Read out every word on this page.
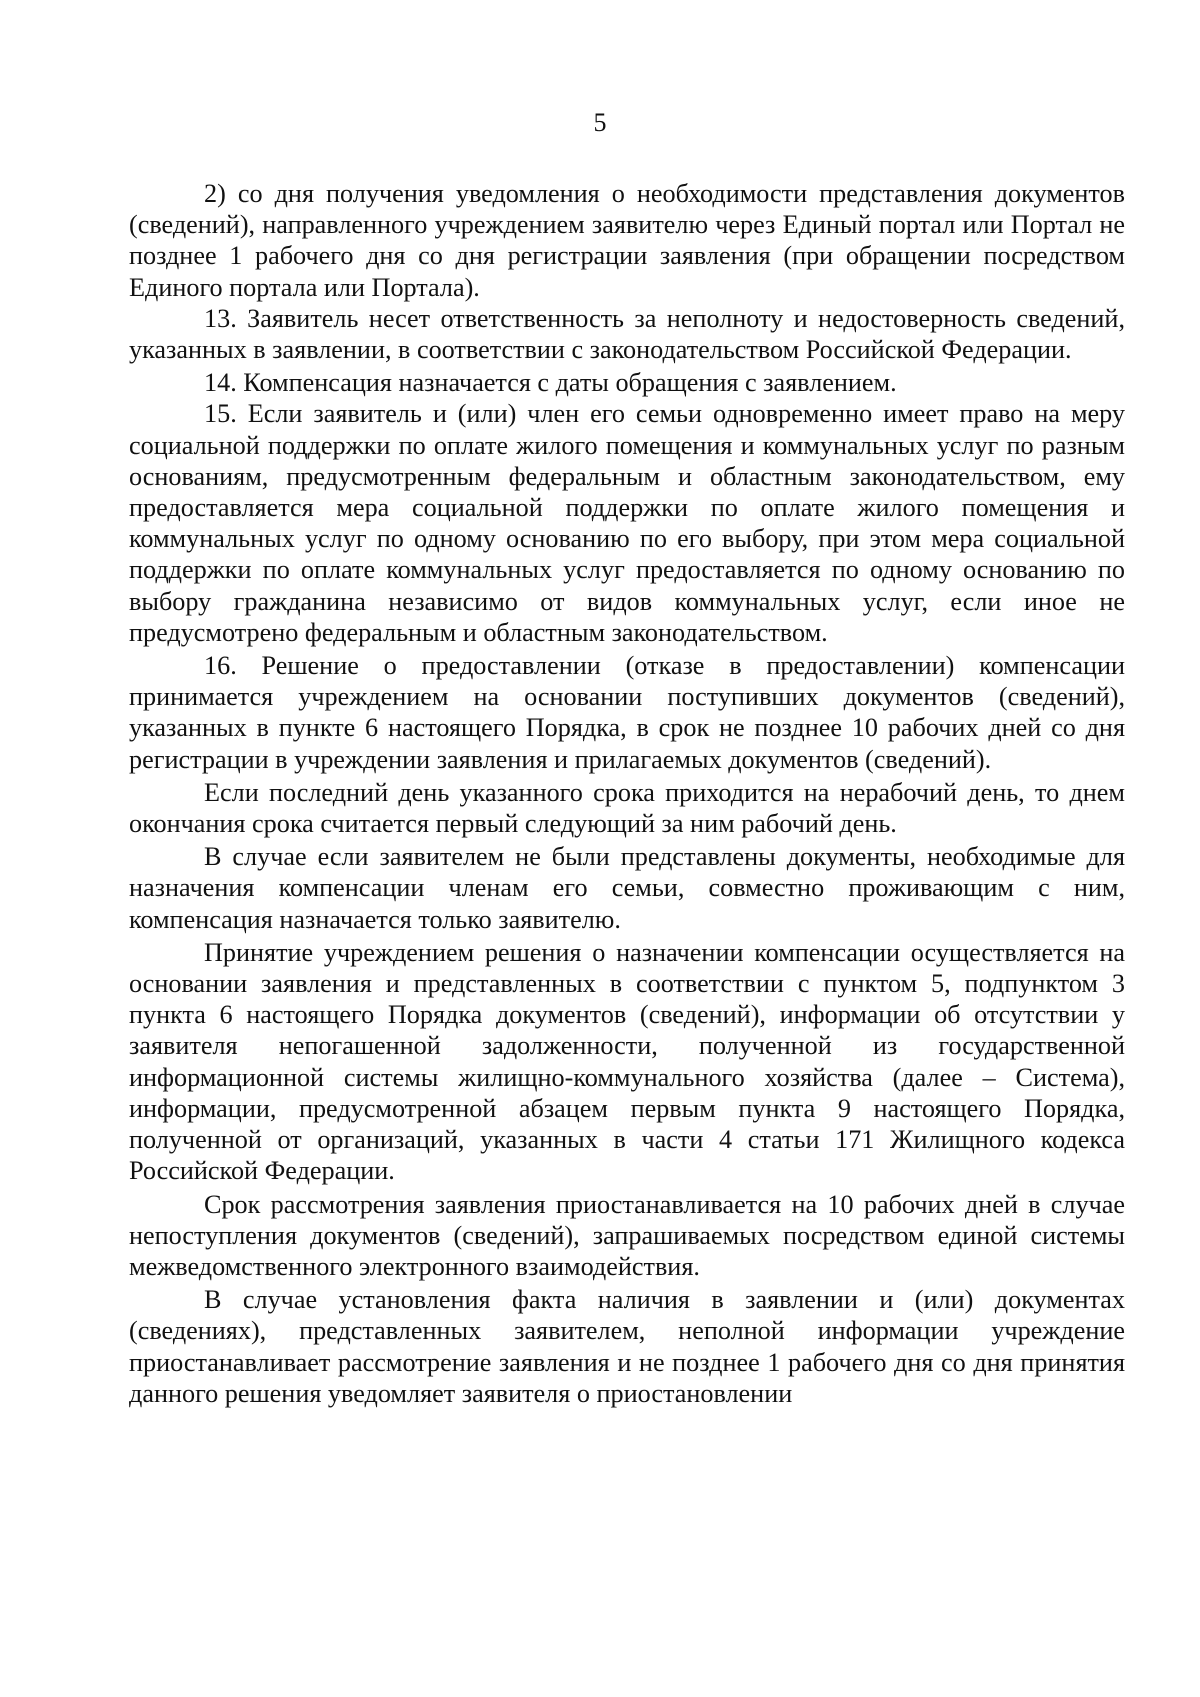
5

2) со дня получения уведомления о необходимости представления документов (сведений), направленного учреждением заявителю через Единый портал или Портал не позднее 1 рабочего дня со дня регистрации заявления (при обращении посредством Единого портала или Портала).

13. Заявитель несет ответственность за неполноту и недостоверность сведений, указанных в заявлении, в соответствии с законодательством Российской Федерации.

14. Компенсация назначается с даты обращения с заявлением.

15. Если заявитель и (или) член его семьи одновременно имеет право на меру социальной поддержки по оплате жилого помещения и коммунальных услуг по разным основаниям, предусмотренным федеральным и областным законодательством, ему предоставляется мера социальной поддержки по оплате жилого помещения и коммунальных услуг по одному основанию по его выбору, при этом мера социальной поддержки по оплате коммунальных услуг предоставляется по одному основанию по выбору гражданина независимо от видов коммунальных услуг, если иное не предусмотрено федеральным и областным законодательством.

16. Решение о предоставлении (отказе в предоставлении) компенсации принимается учреждением на основании поступивших документов (сведений), указанных в пункте 6 настоящего Порядка, в срок не позднее 10 рабочих дней со дня регистрации в учреждении заявления и прилагаемых документов (сведений).

Если последний день указанного срока приходится на нерабочий день, то днем окончания срока считается первый следующий за ним рабочий день.

В случае если заявителем не были представлены документы, необходимые для назначения компенсации членам его семьи, совместно проживающим с ним, компенсация назначается только заявителю.

Принятие учреждением решения о назначении компенсации осуществляется на основании заявления и представленных в соответствии с пунктом 5, подпунктом 3 пункта 6 настоящего Порядка документов (сведений), информации об отсутствии у заявителя непогашенной задолженности, полученной из государственной информационной системы жилищно-коммунального хозяйства (далее – Система), информации, предусмотренной абзацем первым пункта 9 настоящего Порядка, полученной от организаций, указанных в части 4 статьи 171 Жилищного кодекса Российской Федерации.

Срок рассмотрения заявления приостанавливается на 10 рабочих дней в случае непоступления документов (сведений), запрашиваемых посредством единой системы межведомственного электронного взаимодействия.

В случае установления факта наличия в заявлении и (или) документах (сведениях), представленных заявителем, неполной информации учреждение приостанавливает рассмотрение заявления и не позднее 1 рабочего дня со дня принятия данного решения уведомляет заявителя о приостановлении
